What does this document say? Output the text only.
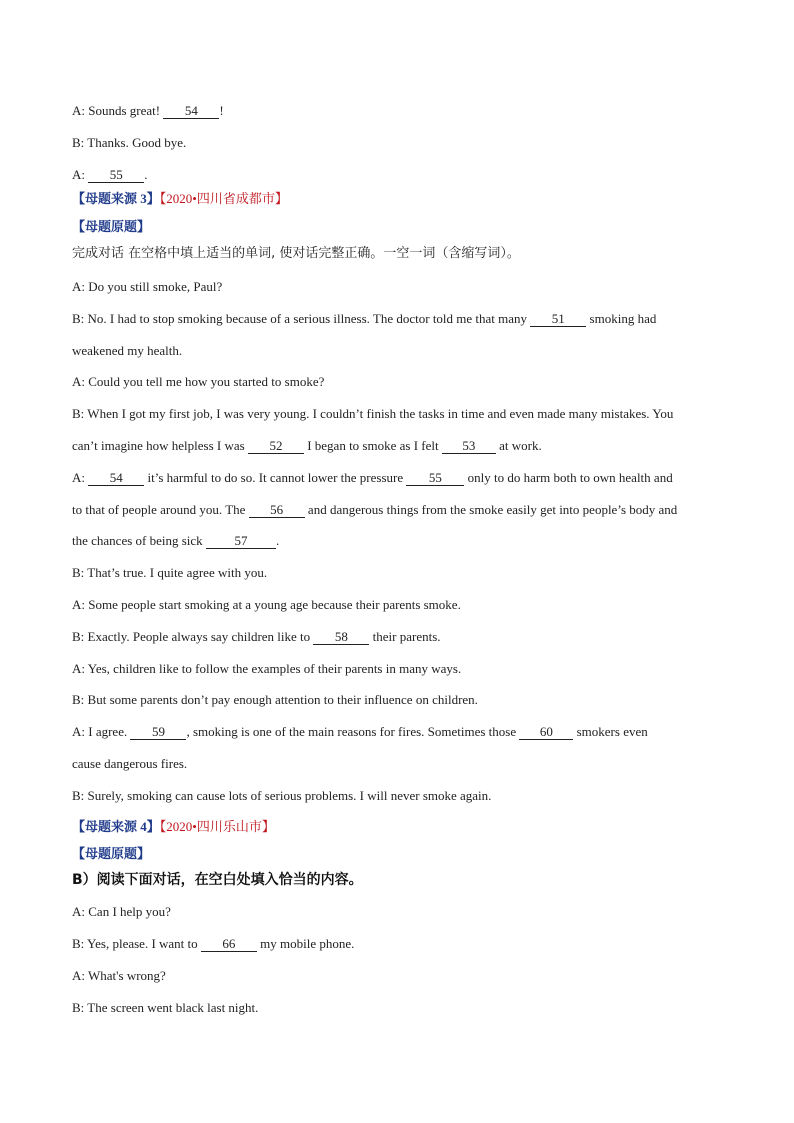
A: Sounds great! 54 !
B: Thanks. Good bye.
A: 55 .
【母题来源 3】【2020•四川省成都市】
【母题原题】
完成对话 在空格中填上适当的单词, 使对话完整正确。一空一词（含缩写词）。
A: Do you still smoke, Paul?
B: No. I had to stop smoking because of a serious illness. The doctor told me that many 51 smoking had
weakened my health.
A: Could you tell me how you started to smoke?
B: When I got my first job, I was very young. I couldn’t finish the tasks in time and even made many mistakes. You
can’t imagine how helpless I was 52 I began to smoke as I felt 53 at work.
A: 54 it’s harmful to do so. It cannot lower the pressure 55 only to do harm both to own health and
to that of people around you. The 56 and dangerous things from the smoke easily get into people’s body and
the chances of being sick 57 .
B: That’s true. I quite agree with you.
A: Some people start smoking at a young age because their parents smoke.
B: Exactly. People always say children like to 58 their parents.
A: Yes, children like to follow the examples of their parents in many ways.
B: But some parents don’t pay enough attention to their influence on children.
A: I agree. 59 , smoking is one of the main reasons for fires. Sometimes those 60 smokers even
cause dangerous fires.
B: Surely, smoking can cause lots of serious problems. I will never smoke again.
【母题来源 4】【2020•四川乐山市】
【母题原题】
B）阅读下面对话，在空白处填入恰当的内容。
A: Can I help you?
B: Yes, please. I want to 66 my mobile phone.
A: What's wrong?
B: The screen went black last night.
